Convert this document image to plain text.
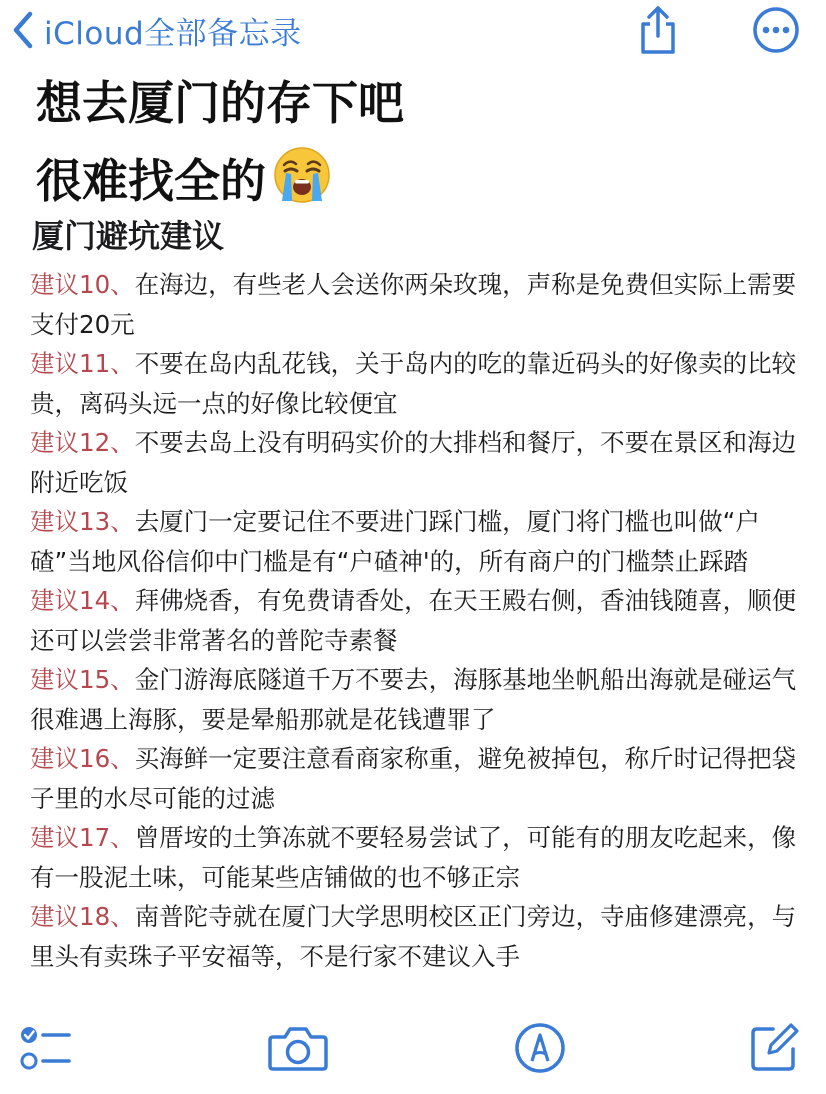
iCloud全部备忘录
想去厦门的存下吧
很难找全的
厦门避坑建议
建议10、在海边，有些老人会送你两朵玫瑰，声称是免费但实际上需要支付20元
建议11、不要在岛内乱花钱，关于岛内的吃的靠近码头的好像卖的比较贵，离码头远一点的好像比较便宜
建议12、不要去岛上没有明码实价的大排档和餐厅，不要在景区和海边附近吃饭
建议13、去厦门一定要记住不要进门踩门槛，厦门将门槛也叫做“户碴”当地风俗信仰中门槛是有“户碴神'的，所有商户的门槛禁止踩踏
建议14、拜佛烧香，有免费请香处，在天王殿右侧，香油钱随喜，顺便还可以尝尝非常著名的普陀寺素餐
建议15、金门游海底隧道千万不要去，海豚基地坐帆船出海就是碰运气很难遇上海豚，要是晕船那就是花钱遭罪了
建议16、买海鲜一定要注意看商家称重，避免被掉包，称斤时记得把袋子里的水尽可能的过滤
建议17、曾厝垵的土笋冻就不要轻易尝试了，可能有的朋友吃起来，像有一股泥土味，可能某些店铺做的也不够正宗
建议18、南普陀寺就在厦门大学思明校区正门旁边，寺庙修建漂亮，与里头有卖珠子平安福等，不是行家不建议入手
